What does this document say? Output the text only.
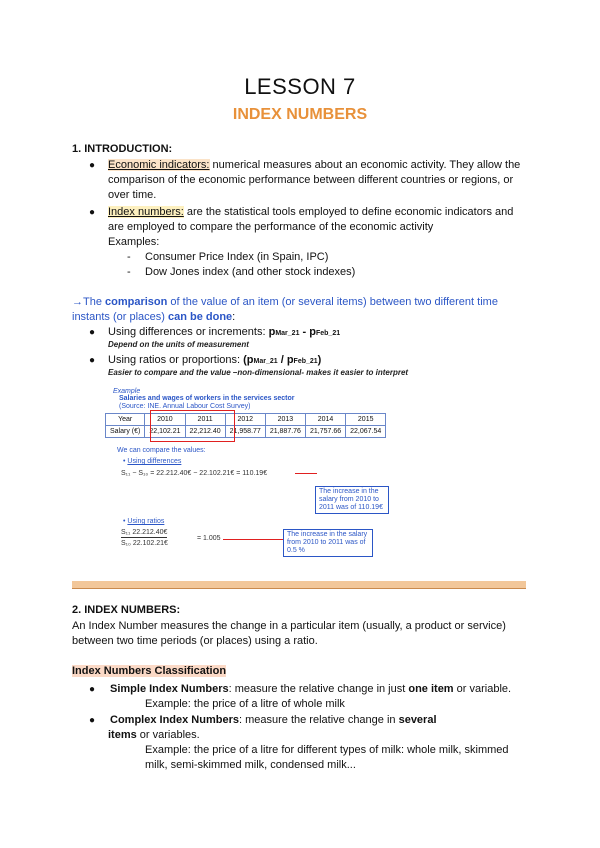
LESSON 7
INDEX NUMBERS
1. INTRODUCTION:
● Economic indicators: numerical measures about an economic activity. They allow the
comparison of the economic performance between different countries or regions, or
over time.
● Index numbers: are the statistical tools employed to define economic indicators and
are employed to compare the performance of the economic activity
Examples:
- Consumer Price Index (in Spain, IPC)
- Dow Jones index (and other stock indexes)
→The comparison of the value of an item (or several items) between two different time
instants (or places) can be done:
● Using differences or increments: pMar_21 - pFeb_21
Depend on the units of measurement
● Using ratios or proportions: (pMar_21 / pFeb_21)
Easier to compare and the value –non-dimensional- makes it easier to interpret
Example
Salaries and wages of workers in the services sector
(Source: INE. Annual Labour Cost Survey)
Year	2010	2011	2012	2013	2014	2015
Salary (€)	22,102.21	22,212.40	21,958.77	21,887.76	21,757.66	22,067.54
We can compare the values:
• Using differences
S₁₁ − S₁₀ = 22.212.40€ − 22.102.21€ = 110.19€
The increase in the salary from 2010 to 2011 was of 110.19€
• Using ratios
S₁₁ 22.212.40€
S₁₀ 22.102.21€
= 1.005
The increase in the salary from 2010 to 2011 was of 0.5 %
2. INDEX NUMBERS:
An Index Number measures the change in a particular item (usually, a product or service)
between two time periods (or places) using a ratio.
Index Numbers Classification
● Simple Index Numbers: measure the relative change in just one item or variable.
Example: the price of a litre of whole milk
● Complex Index Numbers: measure the relative change in several
items or variables.
Example: the price of a litre for different types of milk: whole milk, skimmed
milk, semi-skimmed milk, condensed milk...
